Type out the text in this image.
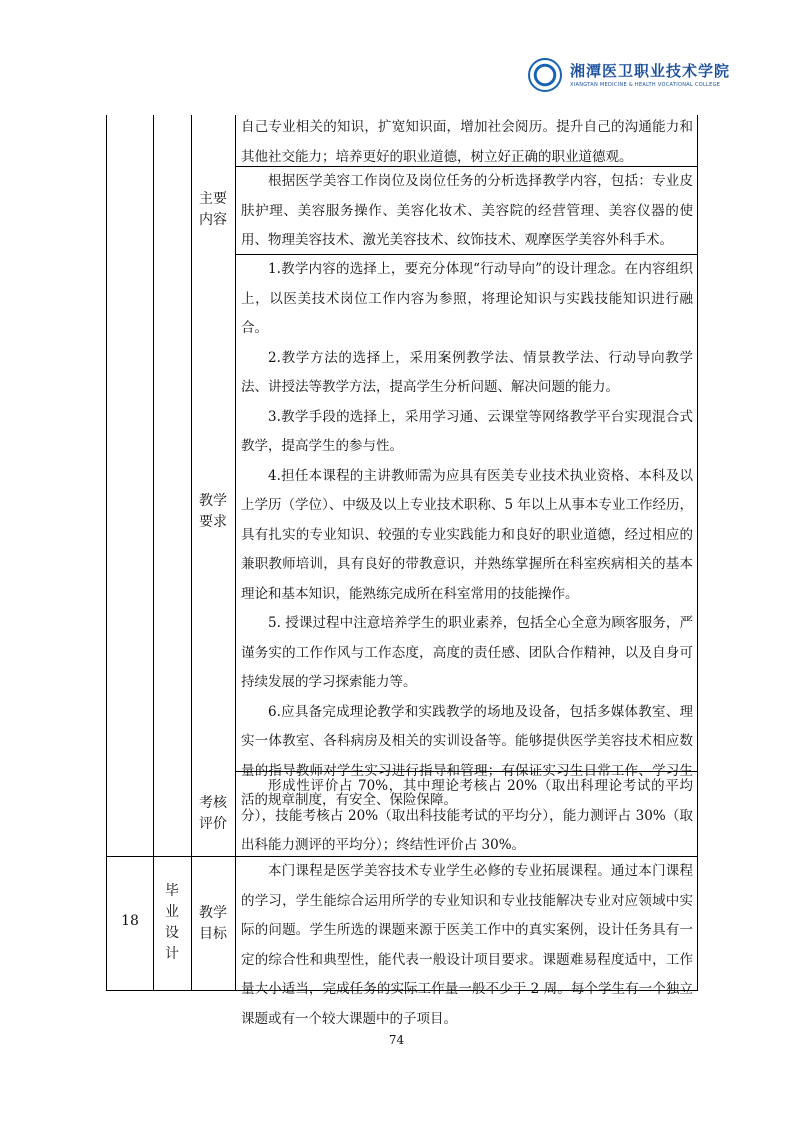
湘潭医卫职业技术学院
XIANGTAN MEDICINE & HEALTH VOCATIONAL COLLEGE

自己专业相关的知识，扩宽知识面，增加社会阅历。提升自己的沟通能力和其他社交能力；培养更好的职业道德，树立好正确的职业道德观。

主要
内容

根据医学美容工作岗位及岗位任务的分析选择教学内容，包括：专业皮肤护理、美容服务操作、美容化妆术、美容院的经营管理、美容仪器的使用、物理美容技术、激光美容技术、纹饰技术、观摩医学美容外科手术。

教学
要求

1.教学内容的选择上，要充分体现“行动导向”的设计理念。在内容组织上，以医美技术岗位工作内容为参照，将理论知识与实践技能知识进行融合。

2.教学方法的选择上，采用案例教学法、情景教学法、行动导向教学法、讲授法等教学方法，提高学生分析问题、解决问题的能力。

3.教学手段的选择上，采用学习通、云课堂等网络教学平台实现混合式教学，提高学生的参与性。

4.担任本课程的主讲教师需为应具有医美专业技术执业资格、本科及以上学历（学位）、中级及以上专业技术职称、5 年以上从事本专业工作经历，具有扎实的专业知识、较强的专业实践能力和良好的职业道德，经过相应的兼职教师培训，具有良好的带教意识，并熟练掌握所在科室疾病相关的基本理论和基本知识，能熟练完成所在科室常用的技能操作。

5. 授课过程中注意培养学生的职业素养，包括全心全意为顾客服务，严谨务实的工作作风与工作态度，高度的责任感、团队合作精神，以及自身可持续发展的学习探索能力等。

6.应具备完成理论教学和实践教学的场地及设备，包括多媒体教室、理实一体教室、各科病房及相关的实训设备等。能够提供医学美容技术相应数量的指导教师对学生实习进行指导和管理；有保证实习生日常工作、学习生活的规章制度，有安全、保险保障。

考核
评价

形成性评价占 70%，其中理论考核占 20%（取出科理论考试的平均分），技能考核占 20%（取出科技能考试的平均分），能力测评占 30%（取出科能力测评的平均分）；终结性评价占 30%。

18
毕业设计
教学
目标

本门课程是医学美容技术专业学生必修的专业拓展课程。通过本门课程的学习，学生能综合运用所学的专业知识和专业技能解决专业对应领域中实际的问题。学生所选的课题来源于医美工作中的真实案例，设计任务具有一定的综合性和典型性，能代表一般设计项目要求。课题难易程度适中，工作量大小适当，完成任务的实际工作量一般不少于 2 周。每个学生有一个独立课题或有一个较大课题中的子项目。

74
